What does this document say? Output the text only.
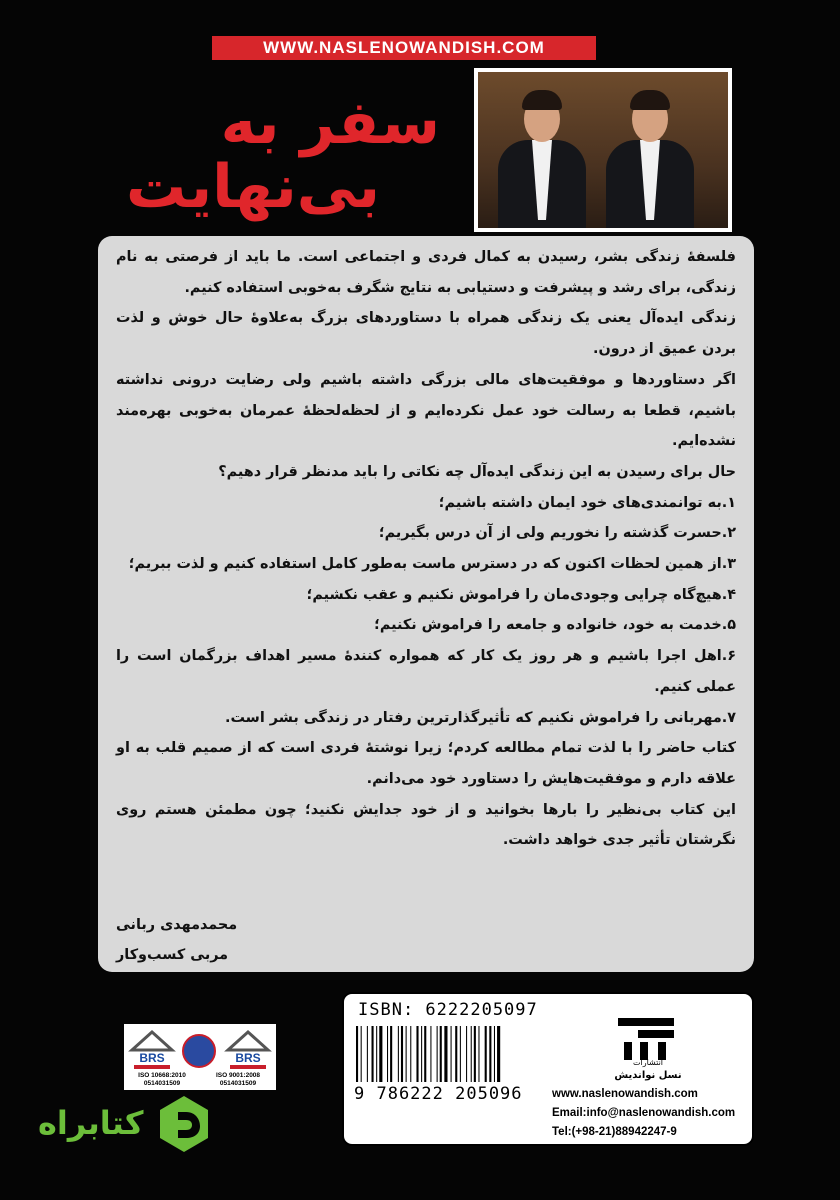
WWW.NASLENOWANDISH.COM
سفر به
بی‌نهایت

فلسفهٔ زندگی بشر، رسیدن به کمال فردی و اجتماعی است. ما باید از فرصتی به نام زندگی، برای رشد و پیشرفت و دستیابی به نتایج شگرف به‌خوبی استفاده کنیم.

زندگی ایده‌آل یعنی یک زندگی همراه با دستاوردهای بزرگ به‌علاوهٔ حال خوش و لذت بردن عمیق از درون.

اگر دستاوردها و موفقیت‌های مالی بزرگی داشته باشیم ولی رضایت درونی نداشته باشیم، قطعا به رسالت خود عمل نکرده‌ایم و از لحظه‌لحظهٔ عمرمان به‌خوبی بهره‌مند نشده‌ایم.

حال برای رسیدن به این زندگی ایده‌آل چه نکاتی را باید مدنظر قرار دهیم؟

۱.به توانمندی‌های خود ایمان داشته باشیم؛

۲.حسرت گذشته را نخوریم ولی از آن درس بگیریم؛

۳.از همین لحظات اکنون که در دسترس ماست به‌طور کامل استفاده کنیم و لذت ببریم؛

۴.هیچ‌گاه چرایی وجودی‌مان را فراموش نکنیم و عقب نکشیم؛

۵.خدمت به خود، خانواده و جامعه را فراموش نکنیم؛

۶.اهل اجرا باشیم و هر روز یک کار که همواره کنندهٔ مسیر اهداف بزرگمان است را عملی کنیم.

۷.مهربانی را فراموش نکنیم که تأثیرگذارترین رفتار در زندگی بشر است.

کتاب حاضر را با لذت تمام مطالعه کردم؛ زیرا نوشتهٔ فردی است که از صمیم قلب به او علاقه دارم و موفقیت‌هایش را دستاورد خود می‌دانم.

این کتاب بی‌نظیر را بارها بخوانید و از خود جدایش نکنید؛ چون مطمئن هستم روی نگرشتان تأثیر جدی خواهد داشت.

محمدمهدی ربانی
مربی کسب‌وکار
ISBN: 6222205097
9 786222 205096
انتشارات
نسل نواندیش
www.naslenowandish.com
Email:info@naslenowandish.com
Tel:(+98-21)88942247-9
BRS	BRS
ISO 10668:2010 0514031509
ISO 9001:2008 0514031509
کتابراه
